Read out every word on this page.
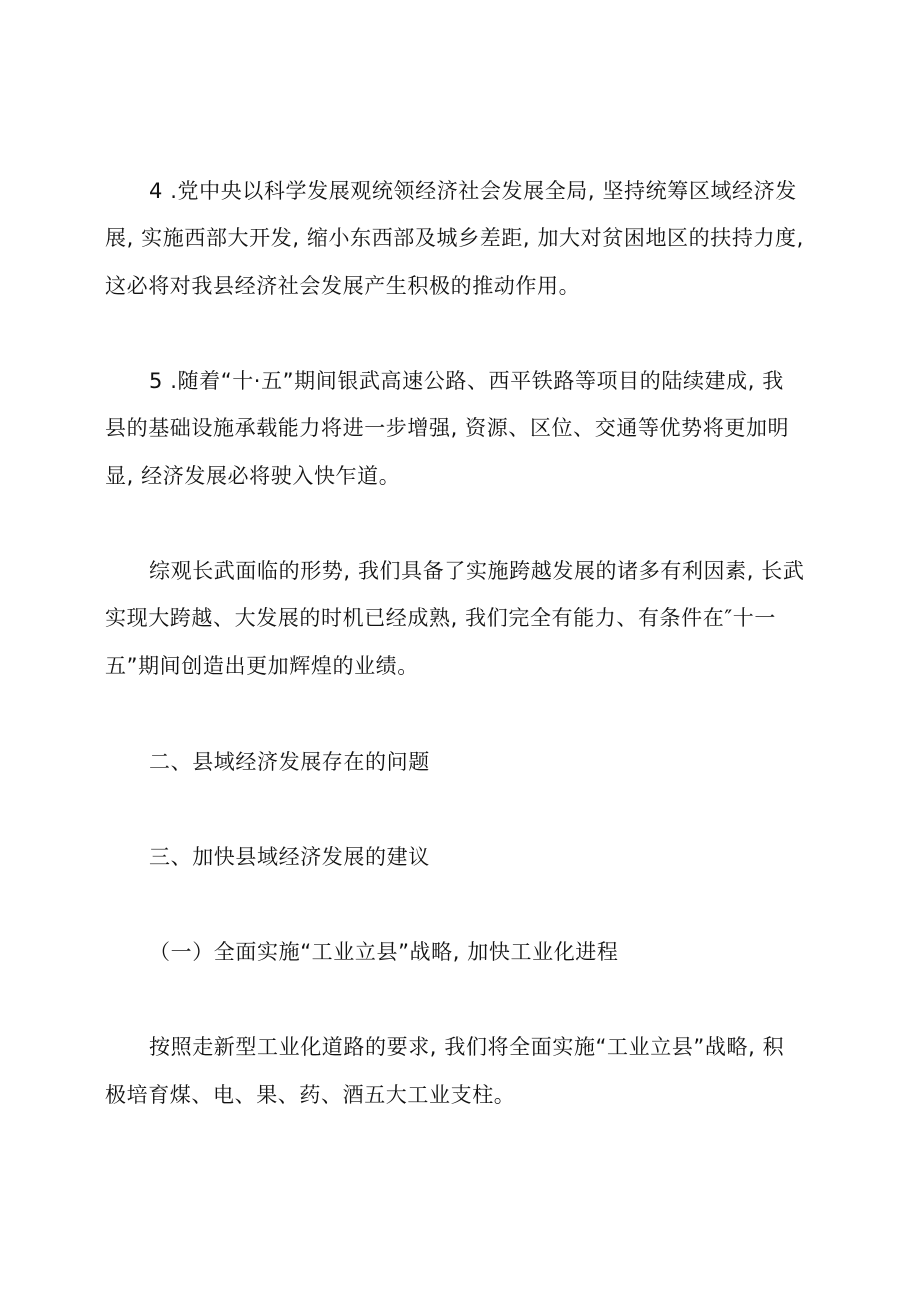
4 .党中央以科学发展观统领经济社会发展全局, 坚持统筹区域经济发
展, 实施西部大开发, 缩小东西部及城乡差距, 加大对贫困地区的扶持力度,
这必将对我县经济社会发展产生积极的推动作用。
5 .随着“十·五”期间银武高速公路、西平铁路等项目的陆续建成, 我
县的基础设施承载能力将进一步增强, 资源、区位、交通等优势将更加明
显, 经济发展必将驶入快乍道。
综观长武面临的形势, 我们具备了实施跨越发展的诸多有利因素, 长武
实现大跨越、大发展的时机已经成熟, 我们完全有能力、有条件在″十一
五”期间创造出更加辉煌的业绩。
二、县域经济发展存在的问题
三、加快县域经济发展的建议
（一）全面实施“工业立县”战略, 加快工业化进程
按照走新型工业化道路的要求, 我们将全面实施“工业立县”战略, 积
极培育煤、电、果、药、酒五大工业支柱。
